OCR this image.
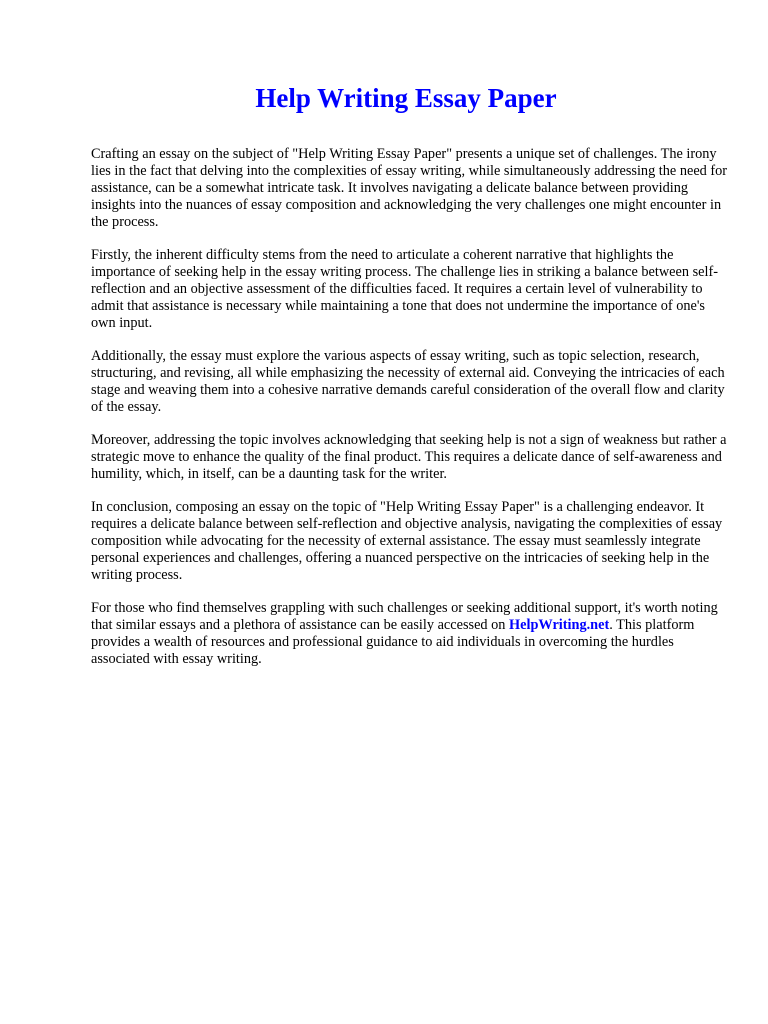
Help Writing Essay Paper

Crafting an essay on the subject of "Help Writing Essay Paper" presents a unique set of challenges. The irony lies in the fact that delving into the complexities of essay writing, while simultaneously addressing the need for assistance, can be a somewhat intricate task. It involves navigating a delicate balance between providing insights into the nuances of essay composition and acknowledging the very challenges one might encounter in the process.

Firstly, the inherent difficulty stems from the need to articulate a coherent narrative that highlights the importance of seeking help in the essay writing process. The challenge lies in striking a balance between self-reflection and an objective assessment of the difficulties faced. It requires a certain level of vulnerability to admit that assistance is necessary while maintaining a tone that does not undermine the importance of one's own input.

Additionally, the essay must explore the various aspects of essay writing, such as topic selection, research, structuring, and revising, all while emphasizing the necessity of external aid. Conveying the intricacies of each stage and weaving them into a cohesive narrative demands careful consideration of the overall flow and clarity of the essay.

Moreover, addressing the topic involves acknowledging that seeking help is not a sign of weakness but rather a strategic move to enhance the quality of the final product. This requires a delicate dance of self-awareness and humility, which, in itself, can be a daunting task for the writer.

In conclusion, composing an essay on the topic of "Help Writing Essay Paper" is a challenging endeavor. It requires a delicate balance between self-reflection and objective analysis, navigating the complexities of essay composition while advocating for the necessity of external assistance. The essay must seamlessly integrate personal experiences and challenges, offering a nuanced perspective on the intricacies of seeking help in the writing process.

For those who find themselves grappling with such challenges or seeking additional support, it's worth noting that similar essays and a plethora of assistance can be easily accessed on HelpWriting.net. This platform provides a wealth of resources and professional guidance to aid individuals in overcoming the hurdles associated with essay writing.
